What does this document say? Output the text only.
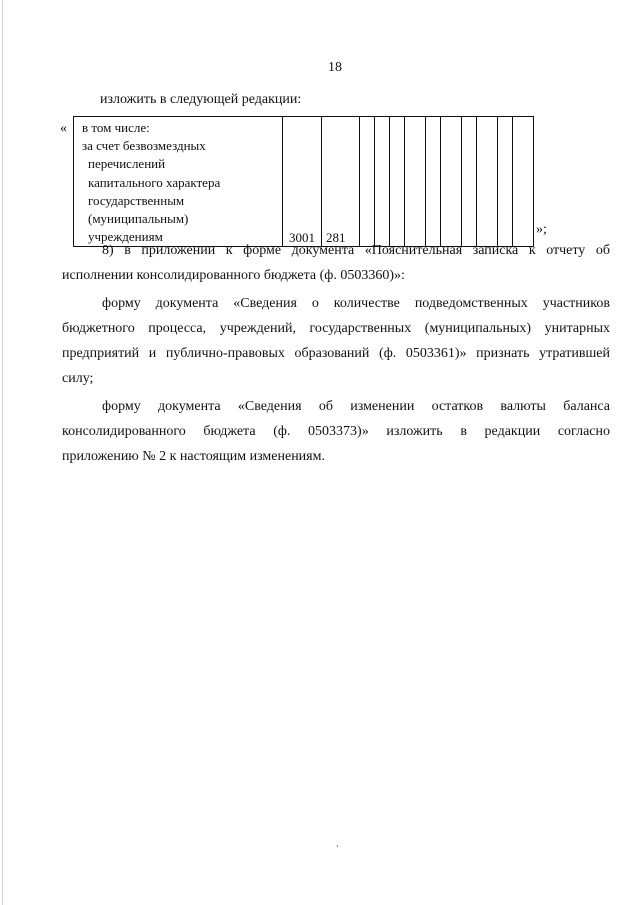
18
изложить в следующей редакции:
« в том числе:
за счет безвозмездных
перечислений
капитального характера
государственным
(муниципальным)
учреждениям	3001	281										
»;
8) в приложении к форме документа «Пояснительная записка к отчету об
исполнении консолидированного бюджета (ф. 0503360)»:
форму документа «Сведения о количестве подведомственных участников
бюджетного процесса, учреждений, государственных (муниципальных) унитарных
предприятий и публично-правовых образований (ф. 0503361)» признать утратившей
силу;
форму документа «Сведения об изменении остатков валюты баланса
консолидированного бюджета (ф. 0503373)» изложить в редакции согласно
приложению № 2 к настоящим изменениям.
